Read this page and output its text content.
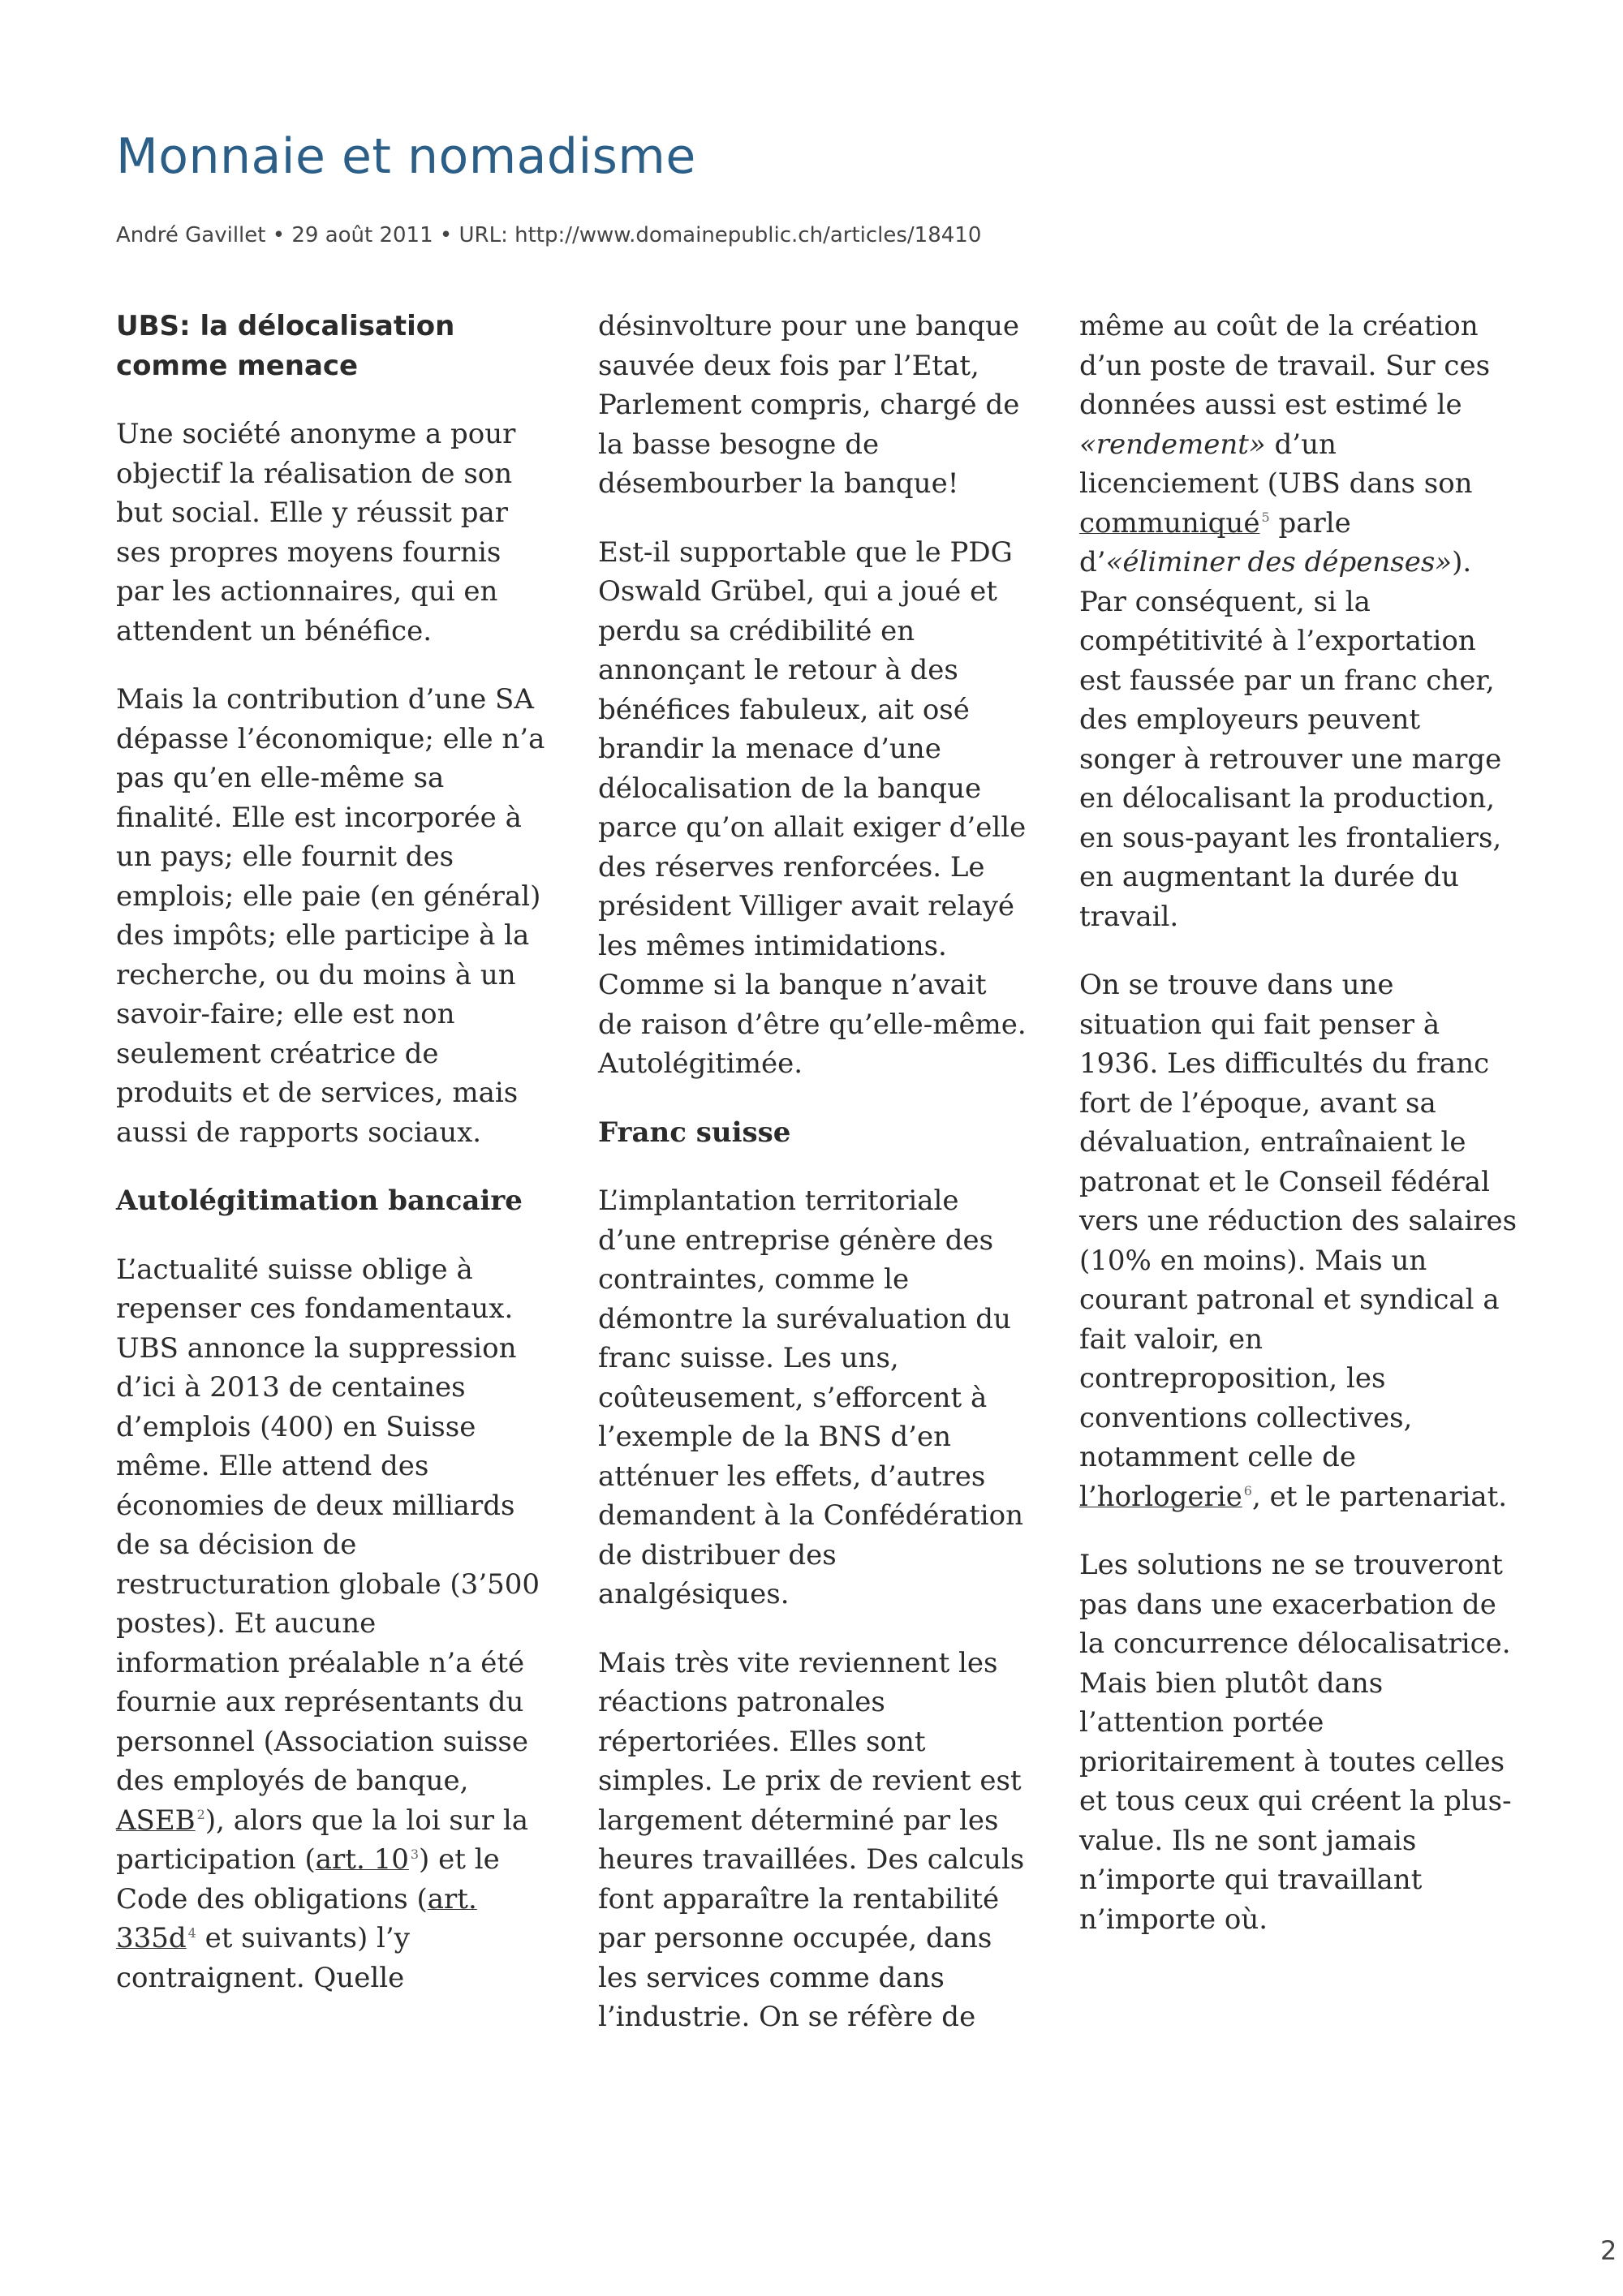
Monnaie et nomadisme
André Gavillet • 29 août 2011 • URL: http://www.domainepublic.ch/articles/18410
UBS: la délocalisation comme menace

Une société anonyme a pour objectif la réalisation de son but social. Elle y réussit par ses propres moyens fournis par les actionnaires, qui en attendent un bénéfice.

Mais la contribution d’une SA dépasse l’économique; elle n’a pas qu’en elle-même sa finalité. Elle est incorporée à un pays; elle fournit des emplois; elle paie (en général) des impôts; elle participe à la recherche, ou du moins à un savoir-faire; elle est non seulement créatrice de produits et de services, mais aussi de rapports sociaux.

Autolégitimation bancaire

L’actualité suisse oblige à repenser ces fondamentaux. UBS annonce la suppression d’ici à 2013 de centaines d’emplois (400) en Suisse même. Elle attend des économies de deux milliards de sa décision de restructuration globale (3’500 postes). Et aucune information préalable n’a été fournie aux représentants du personnel (Association suisse des employés de banque, ASEB $^2$), alors que la loi sur la participation (art. 10 $^3$) et le Code des obligations (art. 335d $^4$ et suivants) l’y contraignent. Quelle

désinvolture pour une banque sauvée deux fois par l’Etat, Parlement compris, chargé de la basse besogne de désembourber la banque!

Est-il supportable que le PDG Oswald Grübel, qui a joué et perdu sa crédibilité en annonçant le retour à des bénéfices fabuleux, ait osé brandir la menace d’une délocalisation de la banque parce qu’on allait exiger d’elle des réserves renforcées. Le président Villiger avait relayé les mêmes intimidations. Comme si la banque n’avait de raison d’être qu’elle-même. Autolégitimée.

Franc suisse

L’implantation territoriale d’une entreprise génère des contraintes, comme le démontre la surévaluation du franc suisse. Les uns, coûteusement, s’efforcent à l’exemple de la BNS d’en atténuer les effets, d’autres demandent à la Confédération de distribuer des analgésiques.

Mais très vite reviennent les réactions patronales répertoriées. Elles sont simples. Le prix de revient est largement déterminé par les heures travaillées. Des calculs font apparaître la rentabilité par personne occupée, dans les services comme dans l’industrie. On se réfère de

même au coût de la création d’un poste de travail. Sur ces données aussi est estimé le «rendement» d’un licenciement (UBS dans son communiqué $^5$ parle d’«éliminer des dépenses»). Par conséquent, si la compétitivité à l’exportation est faussée par un franc cher, des employeurs peuvent songer à retrouver une marge en délocalisant la production, en sous-payant les frontaliers, en augmentant la durée du travail.

On se trouve dans une situation qui fait penser à 1936. Les difficultés du franc fort de l’époque, avant sa dévaluation, entraînaient le patronat et le Conseil fédéral vers une réduction des salaires (10% en moins). Mais un courant patronal et syndical a fait valoir, en contreproposition, les conventions collectives, notamment celle de l’horlogerie $^6$, et le partenariat.

Les solutions ne se trouveront pas dans une exacerbation de la concurrence délocalisatrice. Mais bien plutôt dans l’attention portée prioritairement à toutes celles et tous ceux qui créent la plus-value. Ils ne sont jamais n’importe qui travaillant n’importe où.

2
